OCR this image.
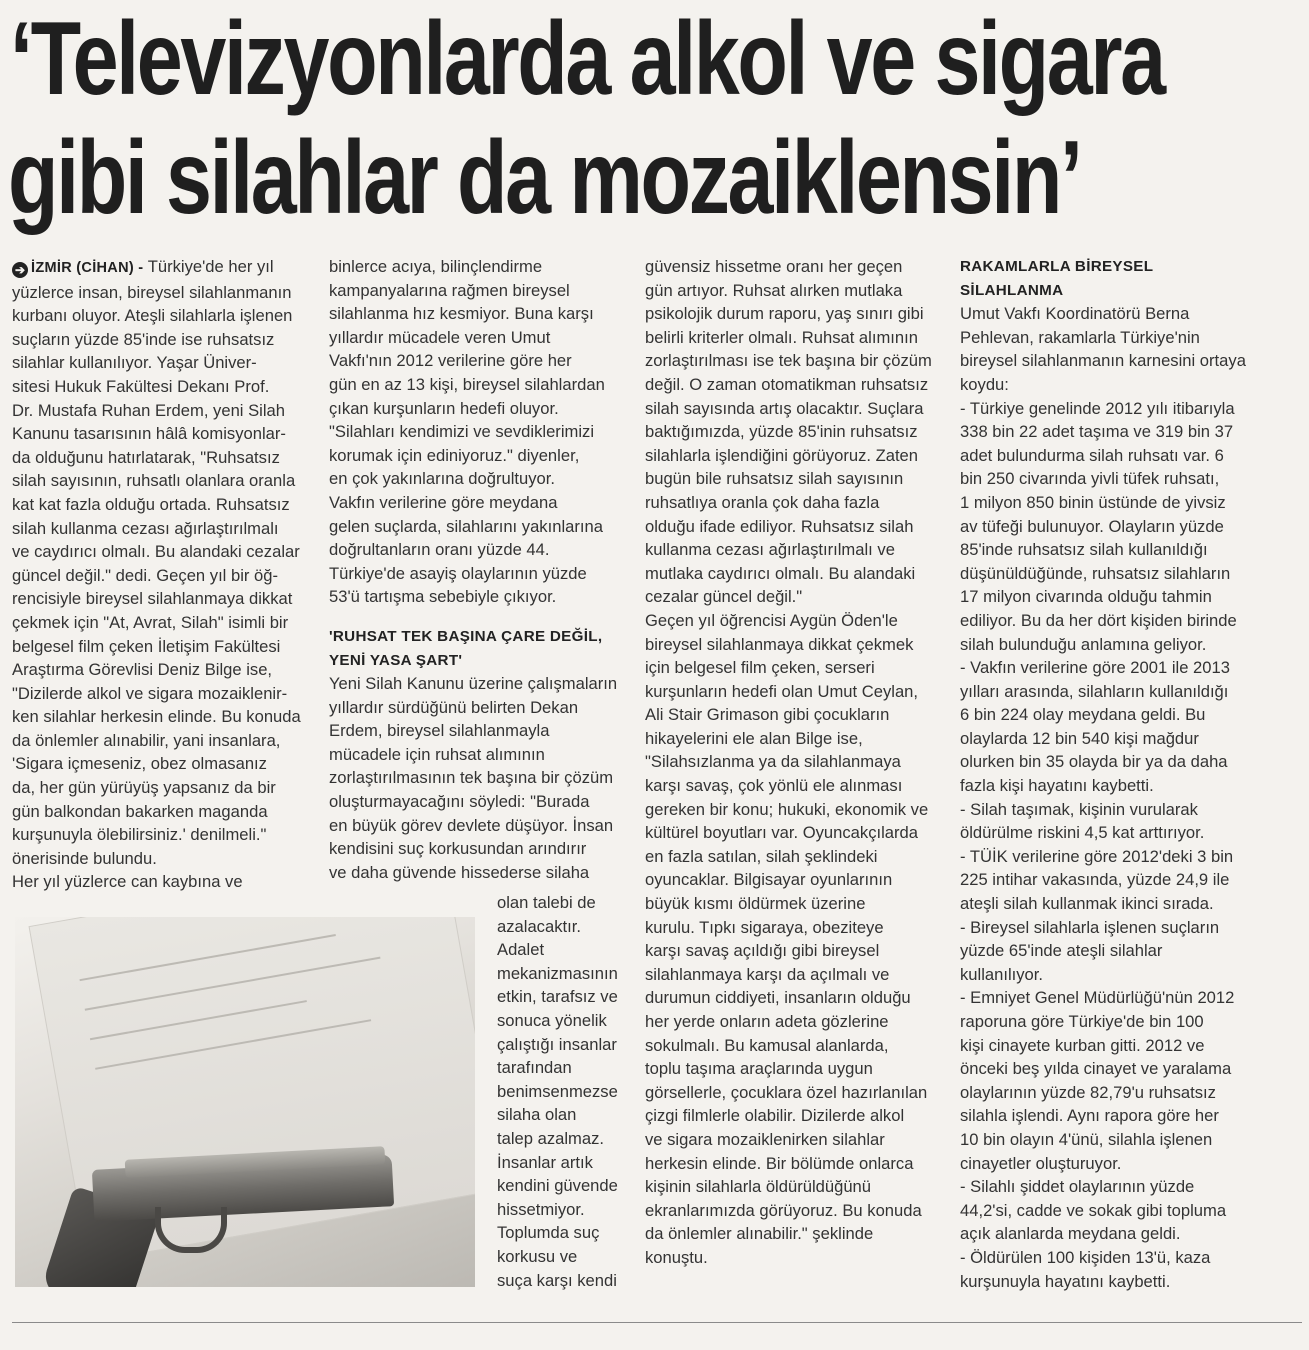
‘Televizyonlarda alkol ve sigara
gibi silahlar da mozaiklensin’
➔ İZMİR (CİHAN) - Türkiye'de her yıl
yüzlerce insan, bireysel silahlanmanın
kurbanı oluyor. Ateşli silahlarla işlenen
suçların yüzde 85'inde ise ruhsatsız
silahlar kullanılıyor. Yaşar Üniver-
sitesi Hukuk Fakültesi Dekanı Prof.
Dr. Mustafa Ruhan Erdem, yeni Silah
Kanunu tasarısının hâlâ komisyonlar-
da olduğunu hatırlatarak, "Ruhsatsız
silah sayısının, ruhsatlı olanlara oranla
kat kat fazla olduğu ortada. Ruhsatsız
silah kullanma cezası ağırlaştırılmalı
ve caydırıcı olmalı. Bu alandaki cezalar
güncel değil." dedi. Geçen yıl bir öğ-
rencisiyle bireysel silahlanmaya dikkat
çekmek için "At, Avrat, Silah" isimli bir
belgesel film çeken İletişim Fakültesi
Araştırma Görevlisi Deniz Bilge ise,
"Dizilerde alkol ve sigara mozaiklenir-
ken silahlar herkesin elinde. Bu konuda
da önlemler alınabilir, yani insanlara,
'Sigara içmeseniz, obez olmasanız
da, her gün yürüyüş yapsanız da bir
gün balkondan bakarken maganda
kurşunuyla ölebilirsiniz.' denilmeli."
önerisinde bulundu.
Her yıl yüzlerce can kaybına ve
binlerce acıya, bilinçlendirme
kampanyalarına rağmen bireysel
silahlanma hız kesmiyor. Buna karşı
yıllardır mücadele veren Umut
Vakfı'nın 2012 verilerine göre her
gün en az 13 kişi, bireysel silahlardan
çıkan kurşunların hedefi oluyor.
"Silahları kendimizi ve sevdiklerimizi
korumak için ediniyoruz." diyenler,
en çok yakınlarına doğrultuyor.
Vakfın verilerine göre meydana
gelen suçlarda, silahlarını yakınlarına
doğrultanların oranı yüzde 44.
Türkiye'de asayiş olaylarının yüzde
53'ü tartışma sebebiyle çıkıyor.
'RUHSAT TEK BAŞINA ÇARE DEĞİL,
YENİ YASA ŞART'
Yeni Silah Kanunu üzerine çalışmaların
yıllardır sürdüğünü belirten Dekan
Erdem, bireysel silahlanmayla
mücadele için ruhsat alımının
zorlaştırılmasının tek başına bir çözüm
oluşturmayacağını söyledi: "Burada
en büyük görev devlete düşüyor. İnsan
kendisini suç korkusundan arındırır
ve daha güvende hissederse silaha
olan talebi de
azalacaktır.
Adalet
mekanizmasının
etkin, tarafsız ve
sonuca yönelik
çalıştığı insanlar
tarafından
benimsenmezse
silaha olan
talep azalmaz.
İnsanlar artık
kendini güvende
hissetmiyor.
Toplumda suç
korkusu ve
suça karşı kendi
güvensiz hissetme oranı her geçen
gün artıyor. Ruhsat alırken mutlaka
psikolojik durum raporu, yaş sınırı gibi
belirli kriterler olmalı. Ruhsat alımının
zorlaştırılması ise tek başına bir çözüm
değil. O zaman otomatikman ruhsatsız
silah sayısında artış olacaktır. Suçlara
baktığımızda, yüzde 85'inin ruhsatsız
silahlarla işlendiğini görüyoruz. Zaten
bugün bile ruhsatsız silah sayısının
ruhsatlıya oranla çok daha fazla
olduğu ifade ediliyor. Ruhsatsız silah
kullanma cezası ağırlaştırılmalı ve
mutlaka caydırıcı olmalı. Bu alandaki
cezalar güncel değil."
Geçen yıl öğrencisi Aygün Öden'le
bireysel silahlanmaya dikkat çekmek
için belgesel film çeken, serseri
kurşunların hedefi olan Umut Ceylan,
Ali Stair Grimason gibi çocukların
hikayelerini ele alan Bilge ise,
"Silahsızlanma ya da silahlanmaya
karşı savaş, çok yönlü ele alınması
gereken bir konu; hukuki, ekonomik ve
kültürel boyutları var. Oyuncakçılarda
en fazla satılan, silah şeklindeki
oyuncaklar. Bilgisayar oyunlarının
büyük kısmı öldürmek üzerine
kurulu. Tıpkı sigaraya, obeziteye
karşı savaş açıldığı gibi bireysel
silahlanmaya karşı da açılmalı ve
durumun ciddiyeti, insanların olduğu
her yerde onların adeta gözlerine
sokulmalı. Bu kamusal alanlarda,
toplu taşıma araçlarında uygun
görsellerle, çocuklara özel hazırlanılan
çizgi filmlerle olabilir. Dizilerde alkol
ve sigara mozaiklenirken silahlar
herkesin elinde. Bir bölümde onlarca
kişinin silahlarla öldürüldüğünü
ekranlarımızda görüyoruz. Bu konuda
da önlemler alınabilir." şeklinde
konuştu.
RAKAMLARLA BİREYSEL
SİLAHLANMA
Umut Vakfı Koordinatörü Berna
Pehlevan, rakamlarla Türkiye'nin
bireysel silahlanmanın karnesini ortaya
koydu:
- Türkiye genelinde 2012 yılı itibarıyla
338 bin 22 adet taşıma ve 319 bin 37
adet bulundurma silah ruhsatı var. 6
bin 250 civarında yivli tüfek ruhsatı,
1 milyon 850 binin üstünde de yivsiz
av tüfeği bulunuyor. Olayların yüzde
85'inde ruhsatsız silah kullanıldığı
düşünüldüğünde, ruhsatsız silahların
17 milyon civarında olduğu tahmin
ediliyor. Bu da her dört kişiden birinde
silah bulunduğu anlamına geliyor.
- Vakfın verilerine göre 2001 ile 2013
yılları arasında, silahların kullanıldığı
6 bin 224 olay meydana geldi. Bu
olaylarda 12 bin 540 kişi mağdur
olurken bin 35 olayda bir ya da daha
fazla kişi hayatını kaybetti.
- Silah taşımak, kişinin vurularak
öldürülme riskini 4,5 kat arttırıyor.
- TÜİK verilerine göre 2012'deki 3 bin
225 intihar vakasında, yüzde 24,9 ile
ateşli silah kullanmak ikinci sırada.
- Bireysel silahlarla işlenen suçların
yüzde 65'inde ateşli silahlar
kullanılıyor.
- Emniyet Genel Müdürlüğü'nün 2012
raporuna göre Türkiye'de bin 100
kişi cinayete kurban gitti. 2012 ve
önceki beş yılda cinayet ve yaralama
olaylarının yüzde 82,79'u ruhsatsız
silahla işlendi. Aynı rapora göre her
10 bin olayın 4'ünü, silahla işlenen
cinayetler oluşturuyor.
- Silahlı şiddet olaylarının yüzde
44,2'si, cadde ve sokak gibi topluma
açık alanlarda meydana geldi.
- Öldürülen 100 kişiden 13'ü, kaza
kurşunuyla hayatını kaybetti.
